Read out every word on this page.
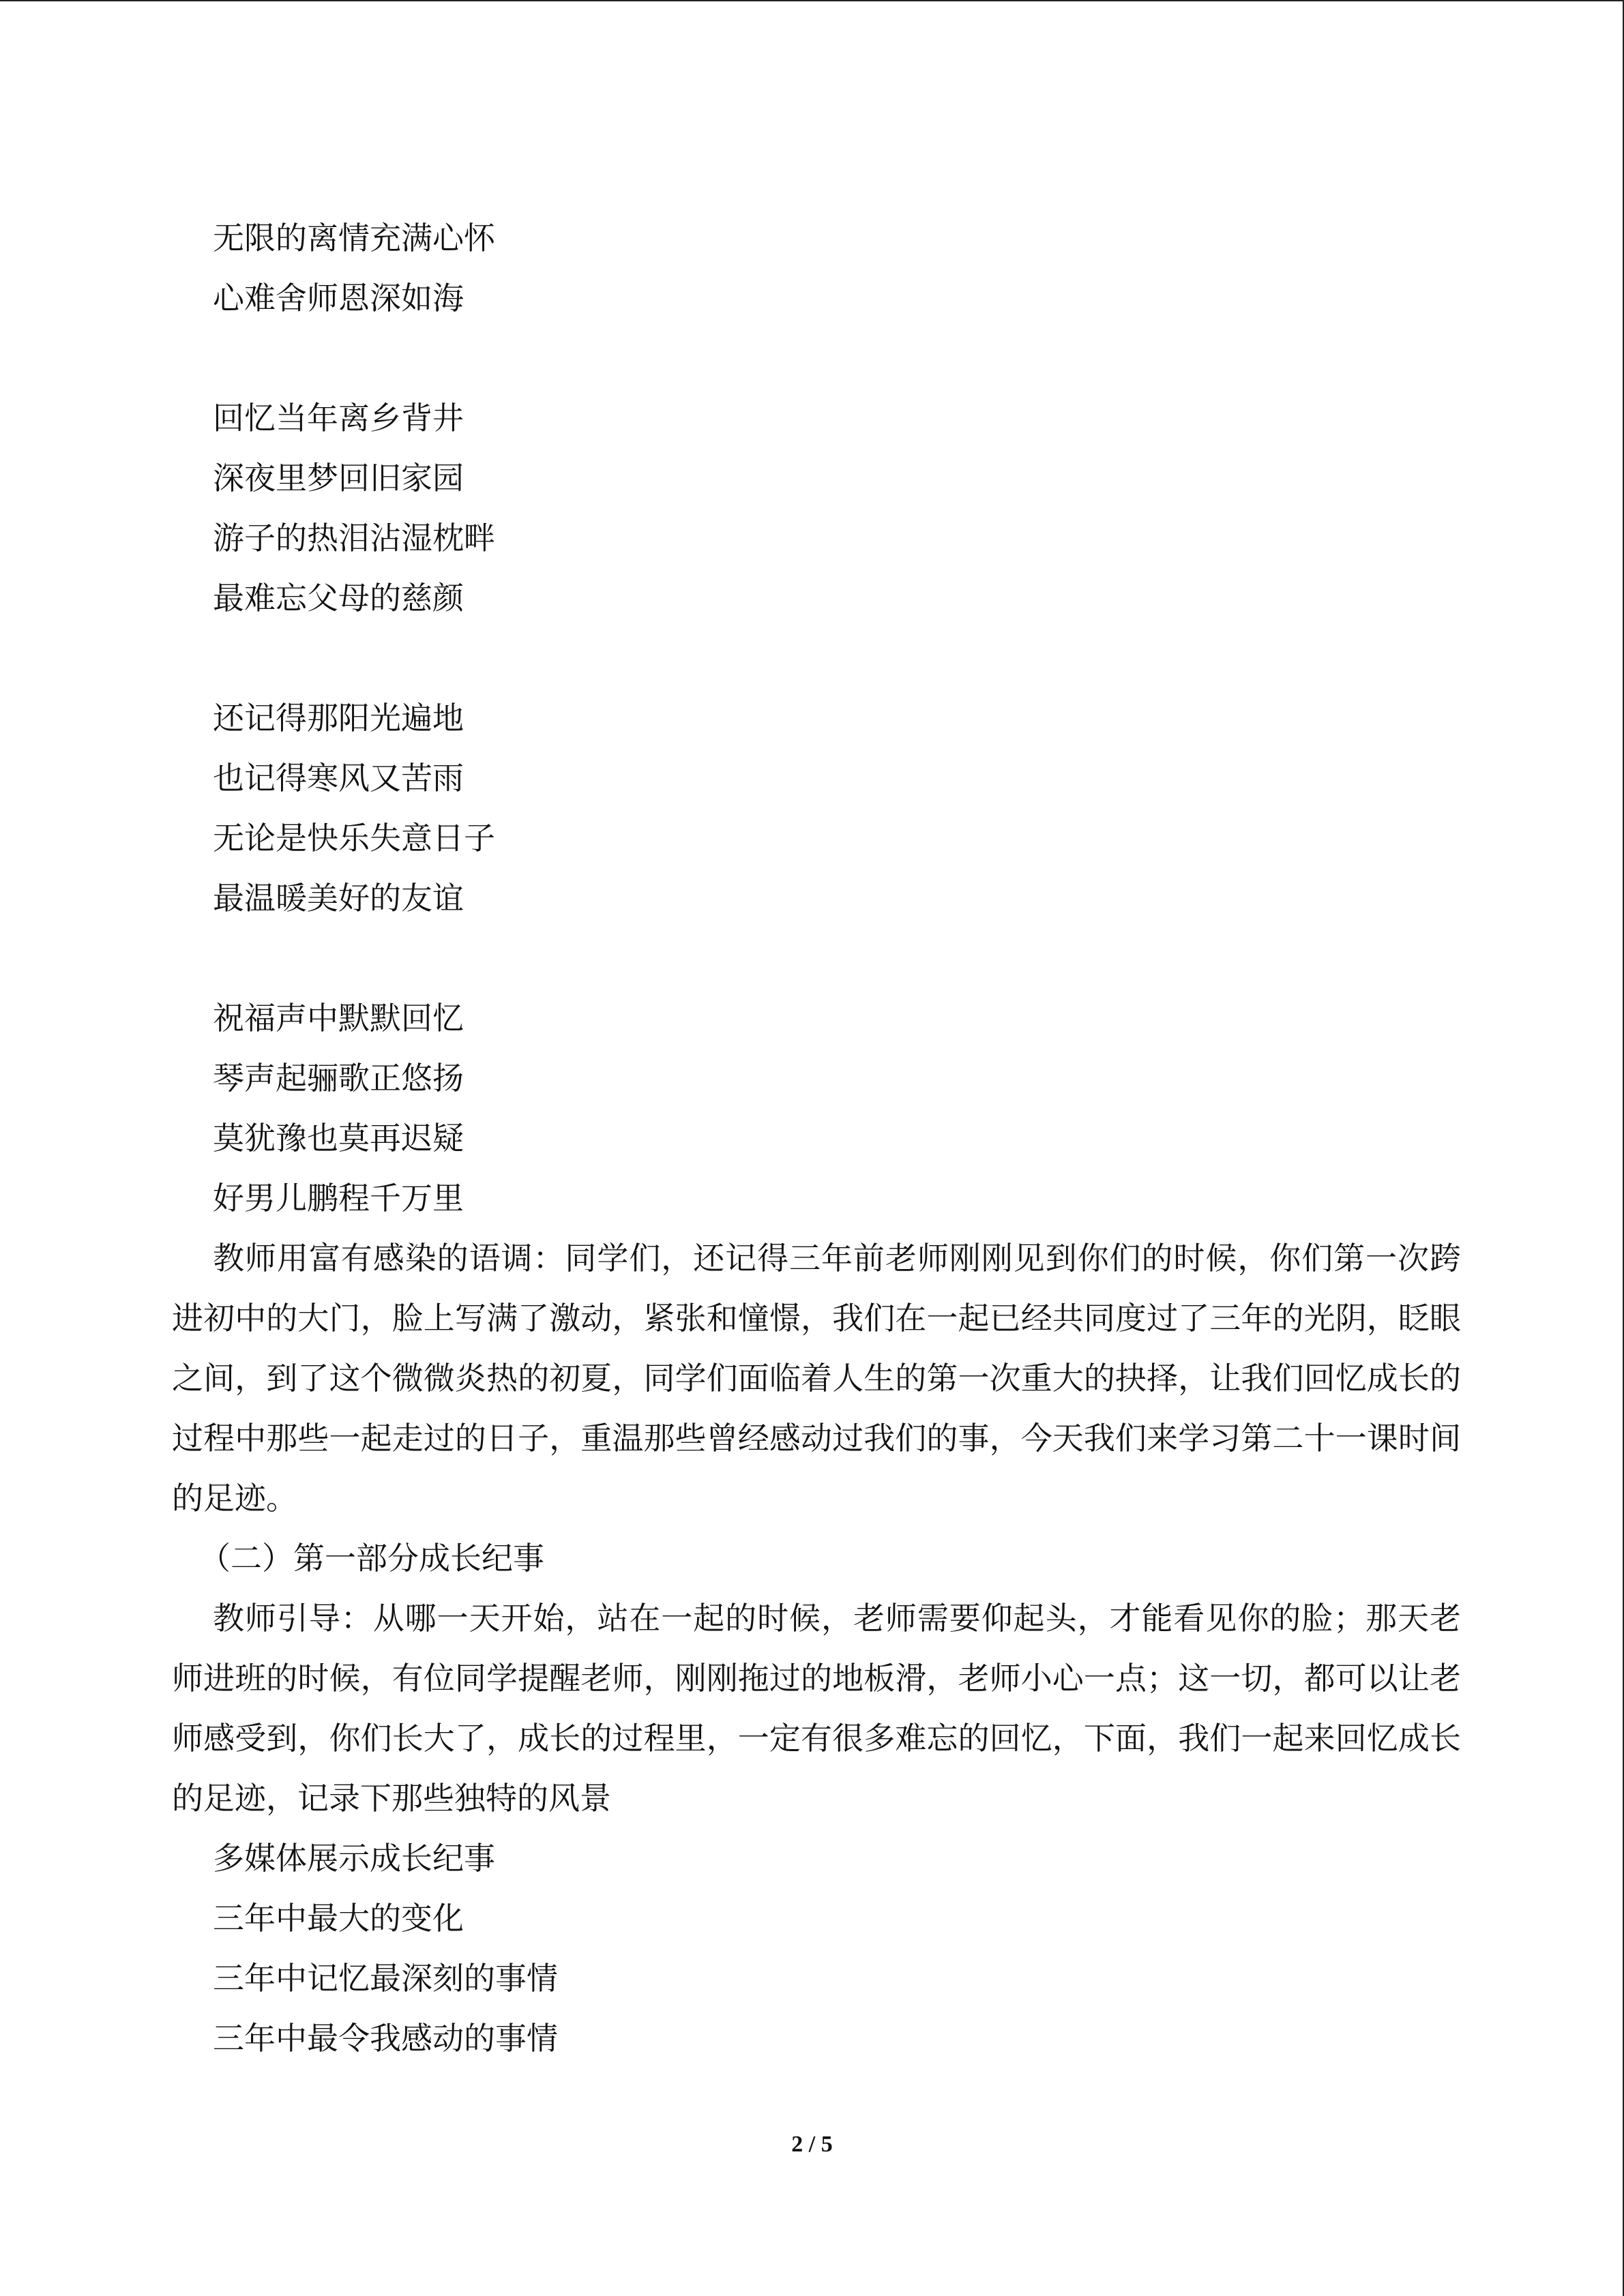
无限的离情充满心怀
心难舍师恩深如海
回忆当年离乡背井
深夜里梦回旧家园
游子的热泪沾湿枕畔
最难忘父母的慈颜
还记得那阳光遍地
也记得寒风又苦雨
无论是快乐失意日子
最温暖美好的友谊
祝福声中默默回忆
琴声起骊歌正悠扬
莫犹豫也莫再迟疑
好男儿鹏程千万里

教师用富有感染的语调：同学们，还记得三年前老师刚刚见到你们的时候，你们第一次跨进初中的大门，脸上写满了激动，紧张和憧憬，我们在一起已经共同度过了三年的光阴，眨眼之间，到了这个微微炎热的初夏，同学们面临着人生的第一次重大的抉择，让我们回忆成长的过程中那些一起走过的日子，重温那些曾经感动过我们的事，今天我们来学习第二十一课时间的足迹。

（二）第一部分成长纪事

教师引导：从哪一天开始，站在一起的时候，老师需要仰起头，才能看见你的脸；那天老师进班的时候，有位同学提醒老师，刚刚拖过的地板滑，老师小心一点；这一切，都可以让老师感受到，你们长大了，成长的过程里，一定有很多难忘的回忆，下面，我们一起来回忆成长的足迹，记录下那些独特的风景

多媒体展示成长纪事
三年中最大的变化
三年中记忆最深刻的事情
三年中最令我感动的事情
2 / 5
